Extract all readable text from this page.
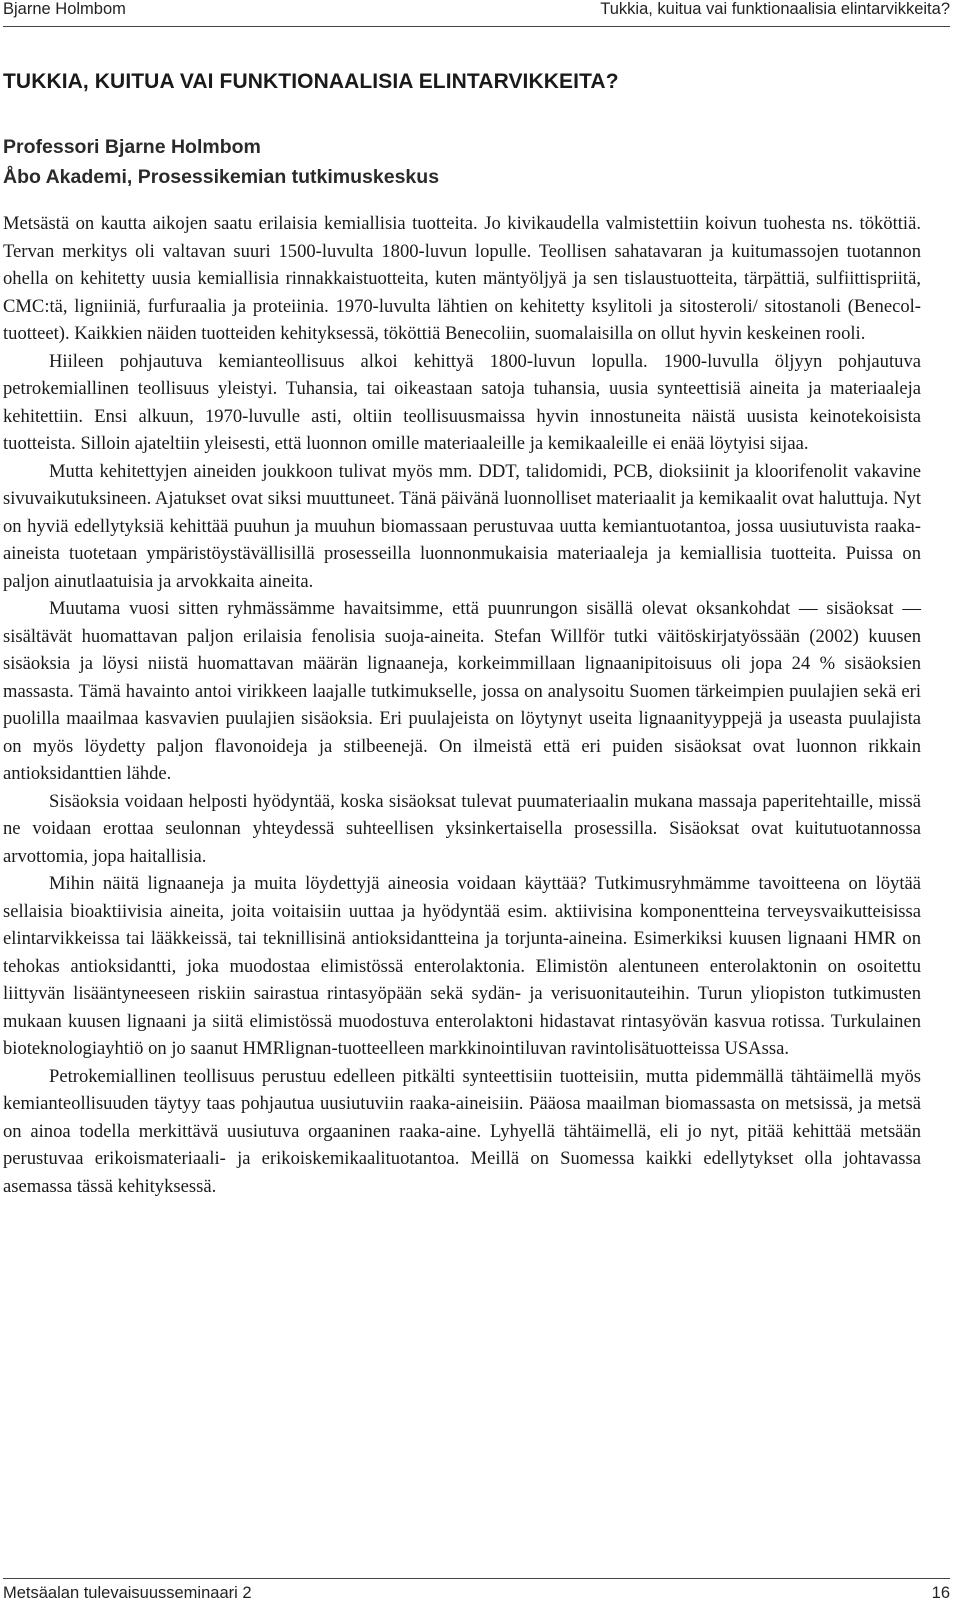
Bjarne Holmbom	Tukkia, kuitua vai funktionaalisia elintarvikkeita?
TUKKIA, KUITUA VAI FUNKTIONAALISIA ELINTARVIKKEITA?
Professori Bjarne Holmbom
Åbo Akademi, Prosessikemian tutkimuskeskus

Metsästä on kautta aikojen saatu erilaisia kemiallisia tuotteita. Jo kivikaudella valmistettiin koivun tuohesta ns. tököttiä. Tervan merkitys oli valtavan suuri 1500-luvulta 1800-luvun lopulle. Teollisen sahatavaran ja kuitumassojen tuotannon ohella on kehitetty uusia kemiallisia rinnakkaistuotteita, kuten mäntyöljyä ja sen tislaustuotteita, tärpättiä, sulfiittispriitä, CMC:tä, ligniiniä, furfuraalia ja proteiinia. 1970-luvulta lähtien on kehitetty ksylitoli ja sitosteroli/ sitostanoli (Benecol-tuotteet). Kaikkien näiden tuotteiden kehityksessä, tököttiä Benecoliin, suomalaisilla on ollut hyvin keskeinen rooli.

Hiileen pohjautuva kemianteollisuus alkoi kehittyä 1800-luvun lopulla. 1900-luvulla öljyyn pohjautuva petrokemiallinen teollisuus yleistyi. Tuhansia, tai oikeastaan satoja tuhansia, uusia synteettisiä aineita ja materiaaleja kehitettiin. Ensi alkuun, 1970-luvulle asti, oltiin teollisuusmaissa hyvin innostuneita näistä uusista keinotekoisista tuotteista. Silloin ajateltiin yleisesti, että luonnon omille materiaaleille ja kemikaaleille ei enää löytyisi sijaa.

Mutta kehitettyjen aineiden joukkoon tulivat myös mm. DDT, talidomidi, PCB, dioksiinit ja kloorifenolit vakavine sivuvaikutuksineen. Ajatukset ovat siksi muuttuneet. Tänä päivänä luonnolliset materiaalit ja kemikaalit ovat haluttuja. Nyt on hyviä edellytyksiä kehittää puuhun ja muuhun biomassaan perustuvaa uutta kemiantuotantoa, jossa uusiutuvista raaka-aineista tuotetaan ympäristöystävällisillä prosesseilla luonnonmukaisia materiaaleja ja kemiallisia tuotteita. Puissa on paljon ainutlaatuisia ja arvokkaita aineita.

Muutama vuosi sitten ryhmässämme havaitsimme, että puunrungon sisällä olevat oksankohdat — sisäoksat — sisältävät huomattavan paljon erilaisia fenolisia suoja-aineita. Stefan Willför tutki väitöskirjatyössään (2002) kuusen sisäoksia ja löysi niistä huomattavan määrän lignaaneja, korkeimmillaan lignaanipitoisuus oli jopa 24 % sisäoksien massasta. Tämä havainto antoi virikkeen laajalle tutkimukselle, jossa on analysoitu Suomen tärkeimpien puulajien sekä eri puolilla maailmaa kasvavien puulajien sisäoksia. Eri puulajeista on löytynyt useita lignaanityyppejä ja useasta puulajista on myös löydetty paljon flavonoideja ja stilbeenejä. On ilmeistä että eri puiden sisäoksat ovat luonnon rikkain antioksidanttien lähde.

Sisäoksia voidaan helposti hyödyntää, koska sisäoksat tulevat puumateriaalin mukana massaja paperitehtaille, missä ne voidaan erottaa seulonnan yhteydessä suhteellisen yksinkertaisella prosessilla. Sisäoksat ovat kuitutuotannossa arvottomia, jopa haitallisia.

Mihin näitä lignaaneja ja muita löydettyjä aineosia voidaan käyttää? Tutkimusryhmämme tavoitteena on löytää sellaisia bioaktiivisia aineita, joita voitaisiin uuttaa ja hyödyntää esim. aktiivisina komponentteina terveysvaikutteisissa elintarvikkeissa tai lääkkeissä, tai teknillisinä antioksidantteina ja torjunta-aineina. Esimerkiksi kuusen lignaani HMR on tehokas antioksidantti, joka muodostaa elimistössä enterolaktonia. Elimistön alentuneen enterolaktonin on osoitettu liittyvän lisääntyneeseen riskiin sairastua rintasyöpään sekä sydän- ja verisuonitauteihin. Turun yliopiston tutkimusten mukaan kuusen lignaani ja siitä elimistössä muodostuva enterolaktoni hidastavat rintasyövän kasvua rotissa. Turkulainen bioteknologiayhtiö on jo saanut HMRlignan-tuotteelleen markkinointiluvan ravintolisätuotteissa USAssa.

Petrokemiallinen teollisuus perustuu edelleen pitkälti synteettisiin tuotteisiin, mutta pidemmällä tähtäimellä myös kemianteollisuuden täytyy taas pohjautua uusiutuviin raaka-aineisiin. Pääosa maailman biomassasta on metsissä, ja metsä on ainoa todella merkittävä uusiutuva orgaaninen raaka-aine. Lyhyellä tähtäimellä, eli jo nyt, pitää kehittää metsään perustuvaa erikoismateriaali- ja erikoiskemikaalituotantoa. Meillä on Suomessa kaikki edellytykset olla johtavassa asemassa tässä kehityksessä.

Metsäalan tulevaisuusseminaari 2	16
